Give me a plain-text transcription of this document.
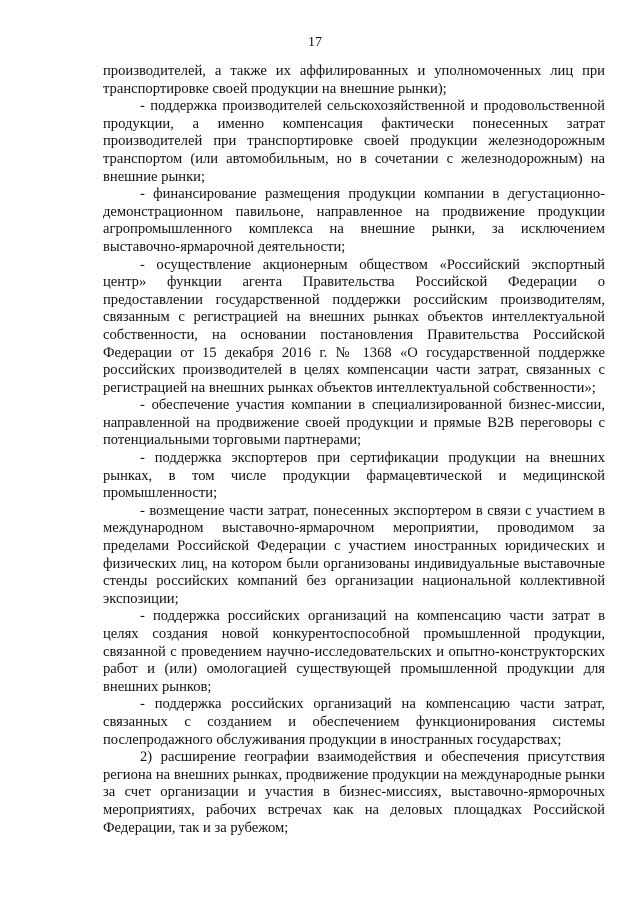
17

производителей, а также их аффилированных и уполномоченных лиц при транспортировке своей продукции на внешние рынки);

- поддержка производителей сельскохозяйственной и продовольственной продукции, а именно компенсация фактически понесенных затрат производителей при транспортировке своей продукции железнодорожным транспортом (или автомобильным, но в сочетании с железнодорожным) на внешние рынки;

- финансирование размещения продукции компании в дегустационно-демонстрационном павильоне, направленное на продвижение продукции агропромышленного комплекса на внешние рынки, за исключением выставочно-ярмарочной деятельности;

- осуществление акционерным обществом «Российский экспортный центр» функции агента Правительства Российской Федерации о предоставлении государственной поддержки российским производителям, связанным с регистрацией на внешних рынках объектов интеллектуальной собственности, на основании постановления Правительства Российской Федерации от 15 декабря 2016 г. № 1368 «О государственной поддержке российских производителей в целях компенсации части затрат, связанных с регистрацией на внешних рынках объектов интеллектуальной собственности»;

- обеспечение участия компании в специализированной бизнес-миссии, направленной на продвижение своей продукции и прямые В2В переговоры с потенциальными торговыми партнерами;

- поддержка экспортеров при сертификации продукции на внешних рынках, в том числе продукции фармацевтической и медицинской промышленности;

- возмещение части затрат, понесенных экспортером в связи с участием в международном выставочно-ярмарочном мероприятии, проводимом за пределами Российской Федерации с участием иностранных юридических и физических лиц, на котором были организованы индивидуальные выставочные стенды российских компаний без организации национальной коллективной экспозиции;

- поддержка российских организаций на компенсацию части затрат в целях создания новой конкурентоспособной промышленной продукции, связанной с проведением научно-исследовательских и опытно-конструкторских работ и (или) омологацией существующей промышленной продукции для внешних рынков;

- поддержка российских организаций на компенсацию части затрат, связанных с созданием и обеспечением функционирования системы послепродажного обслуживания продукции в иностранных государствах;

2) расширение географии взаимодействия и обеспечения присутствия региона на внешних рынках, продвижение продукции на международные рынки за счет организации и участия в бизнес-миссиях, выставочно-ярморочных мероприятиях, рабочих встречах как на деловых площадках Российской Федерации, так и за рубежом;
